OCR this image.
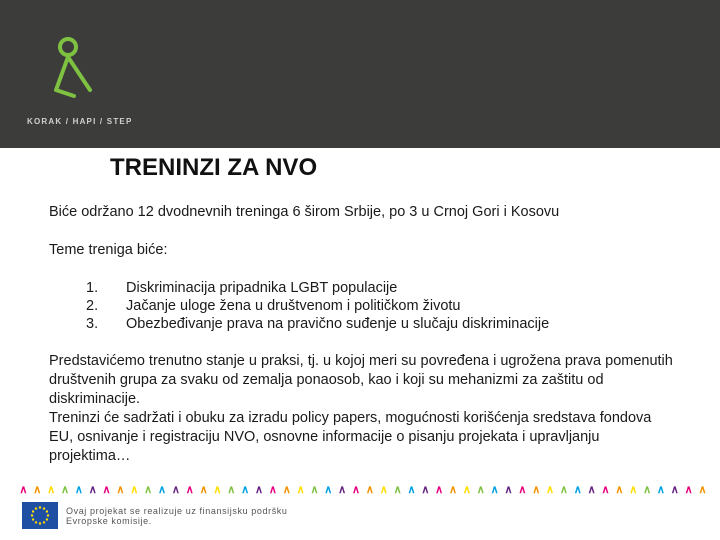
KORAK / HAPI / STEP
TRENINZI ZA NVO
Biće održano 12 dvodnevnih treninga 6 širom Srbije, po 3 u Crnoj Gori i Kosovu
Teme treniga biće:
1. Diskriminacija pripadnika LGBT populacije
2. Jačanje uloge žena u društvenom i političkom životu
3. Obezbeđivanje prava na pravično suđenje u slučaju diskriminacije

Predstavićemo trenutno stanje u praksi, tj. u kojoj meri su povređena i ugrožena prava pomenutih društvenih grupa za svaku od zemalja ponaosob, kao i koji su mehanizmi za zaštitu od diskriminacije.

Treninzi će sadržati i obuku za izradu policy papers, mogućnosti korišćenja sredstava fondova EU, osnivanje i registraciju NVO, osnovne informacije o pisanju projekata i upravljanju projektima…

∧ ∧ ∧ ∧ ∧ ∧ ∧ ∧ ∧ ∧ ∧ ∧ ∧ ∧ ∧ ∧ ∧ ∧ ∧ ∧ ∧ ∧ ∧ ∧ ∧ ∧ ∧ ∧ ∧ ∧ ∧ ∧ ∧ ∧ ∧ ∧ ∧ ∧ ∧ ∧ ∧ ∧ ∧ ∧ ∧ ∧ ∧ ∧ ∧ ∧
Ovaj projekat se realizuje uz finansijsku podršku
Evropske komisije.
